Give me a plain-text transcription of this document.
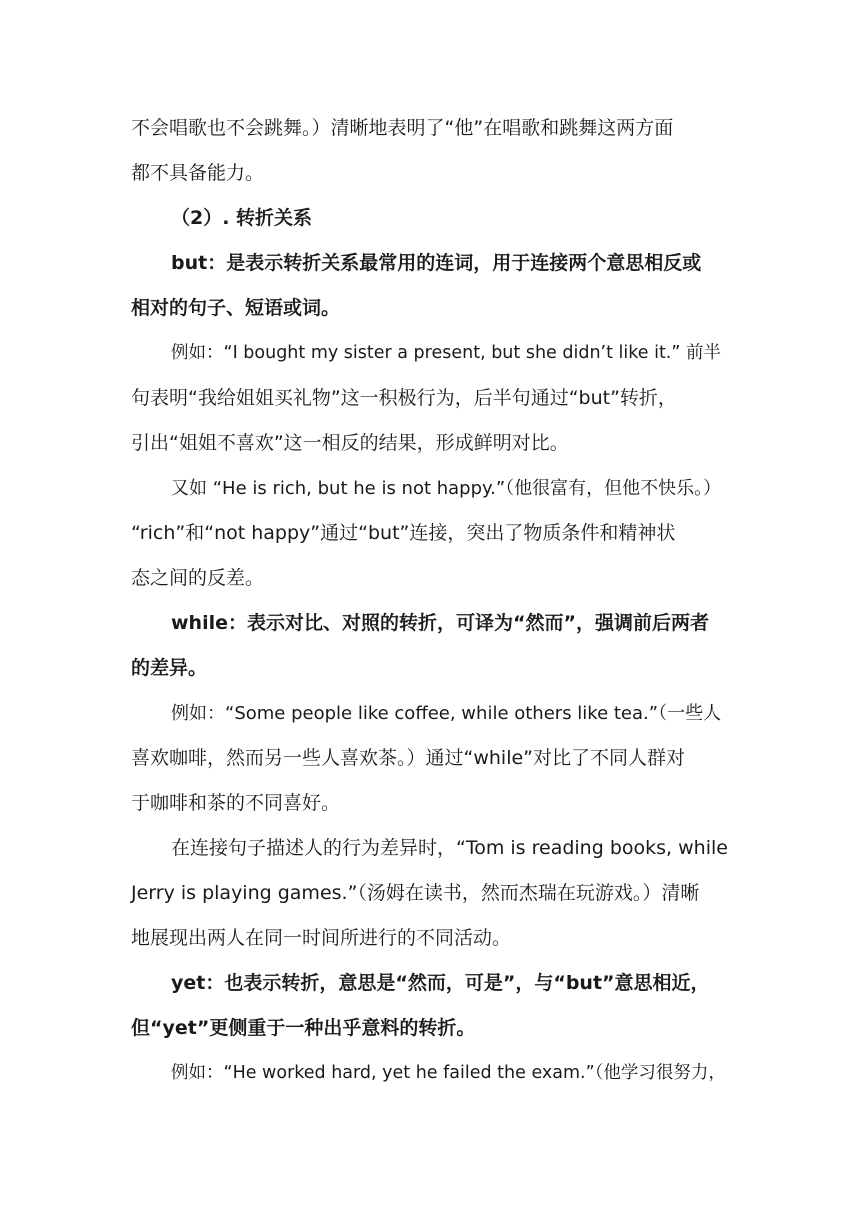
不会唱歌也不会跳舞。）清晰地表明了“他”在唱歌和跳舞这两方面
都不具备能力。

（2）. 转折关系

but：是表示转折关系最常用的连词，用于连接两个意思相反或
相对的句子、短语或词。

例如：“I bought my sister a present, but she didn’t like it.” 前半
句表明“我给姐姐买礼物”这一积极行为，后半句通过“but”转折，
引出“姐姐不喜欢”这一相反的结果，形成鲜明对比。

又如 “He is rich, but he is not happy.”（他很富有，但他不快乐。）
“rich”和“not happy”通过“but”连接，突出了物质条件和精神状
态之间的反差。

while：表示对比、对照的转折，可译为“然而”，强调前后两者
的差异。

例如：“Some people like coffee, while others like tea.”（一些人
喜欢咖啡，然而另一些人喜欢茶。）通过“while”对比了不同人群对
于咖啡和茶的不同喜好。

在连接句子描述人的行为差异时，“Tom is reading books, while
Jerry is playing games.”（汤姆在读书，然而杰瑞在玩游戏。）清晰
地展现出两人在同一时间所进行的不同活动。

yet：也表示转折，意思是“然而，可是”，与“but”意思相近，
但“yet”更侧重于一种出乎意料的转折。

例如：“He worked hard, yet he failed the exam.”（他学习很努力，
